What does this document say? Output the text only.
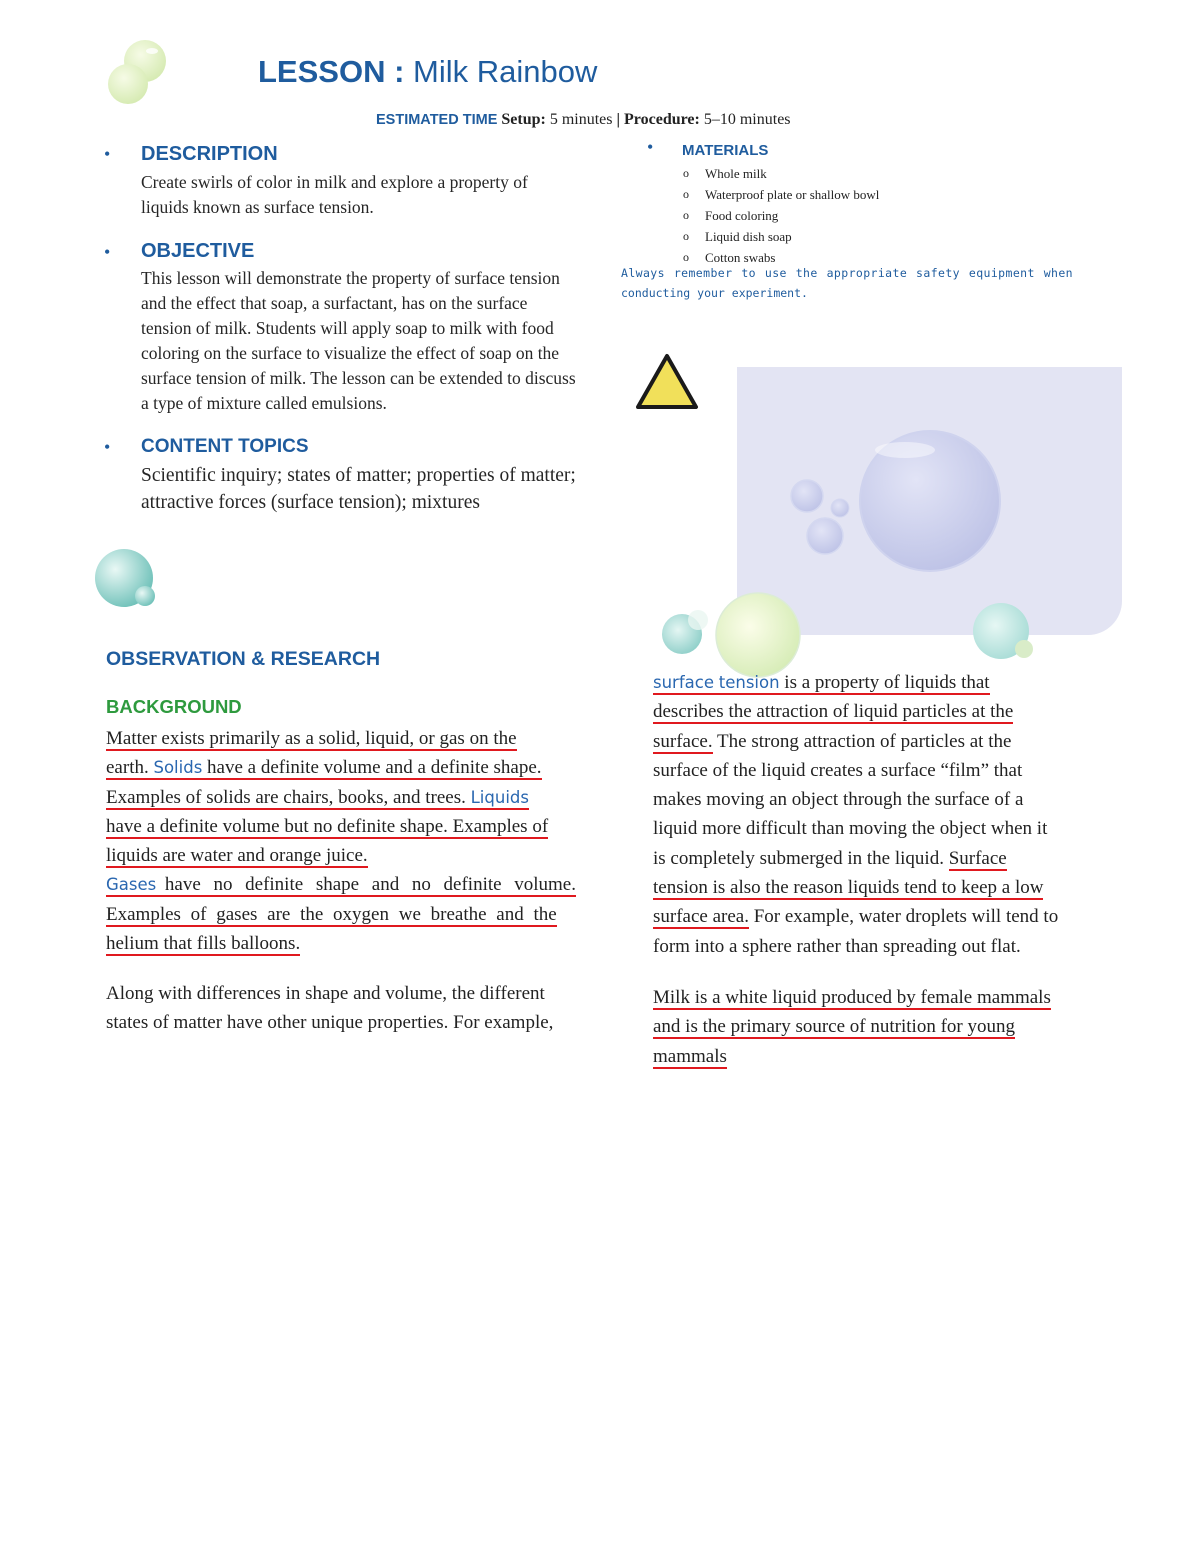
LESSON : Milk Rainbow
ESTIMATED TIME Setup: 5 minutes | Procedure: 5–10 minutes
• DESCRIPTION
Create swirls of color in milk and explore a property of
liquids known as surface tension.
• OBJECTIVE
This lesson will demonstrate the property of surface tension
and the effect that soap, a surfactant, has on the surface
tension of milk. Students will apply soap to milk with food
coloring on the surface to visualize the effect of soap on the
surface tension of milk. The lesson can be extended to discuss
a type of mixture called emulsions.
• CONTENT TOPICS
Scientific inquiry; states of matter; properties of matter;
attractive forces (surface tension); mixtures
• MATERIALS
o Whole milk
o Waterproof plate or shallow bowl
o Food coloring
o Liquid dish soap
o Cotton swabs
Always remember to use the appropriate safety equipment when
conducting your experiment.
OBSERVATION & RESEARCH
BACKGROUND
Matter exists primarily as a solid, liquid, or gas on the
earth. Solids have a definite volume and a definite shape.
Examples of solids are chairs, books, and trees. Liquids
have a definite volume but no definite shape. Examples of
liquids are water and orange juice.
Gases have no definite shape and no definite volume.
Examples of gases are the oxygen we breathe and the
helium that fills balloons.
Along with differences in shape and volume, the different
states of matter have other unique properties. For example,
surface tension is a property of liquids that
describes the attraction of liquid particles at the
surface. The strong attraction of particles at the
surface of the liquid creates a surface “film” that
makes moving an object through the surface of a
liquid more difficult than moving the object when it
is completely submerged in the liquid. Surface
tension is also the reason liquids tend to keep a low
surface area. For example, water droplets will tend to
form into a sphere rather than spreading out flat.
Milk is a white liquid produced by female mammals
and is the primary source of nutrition for young
mammals
